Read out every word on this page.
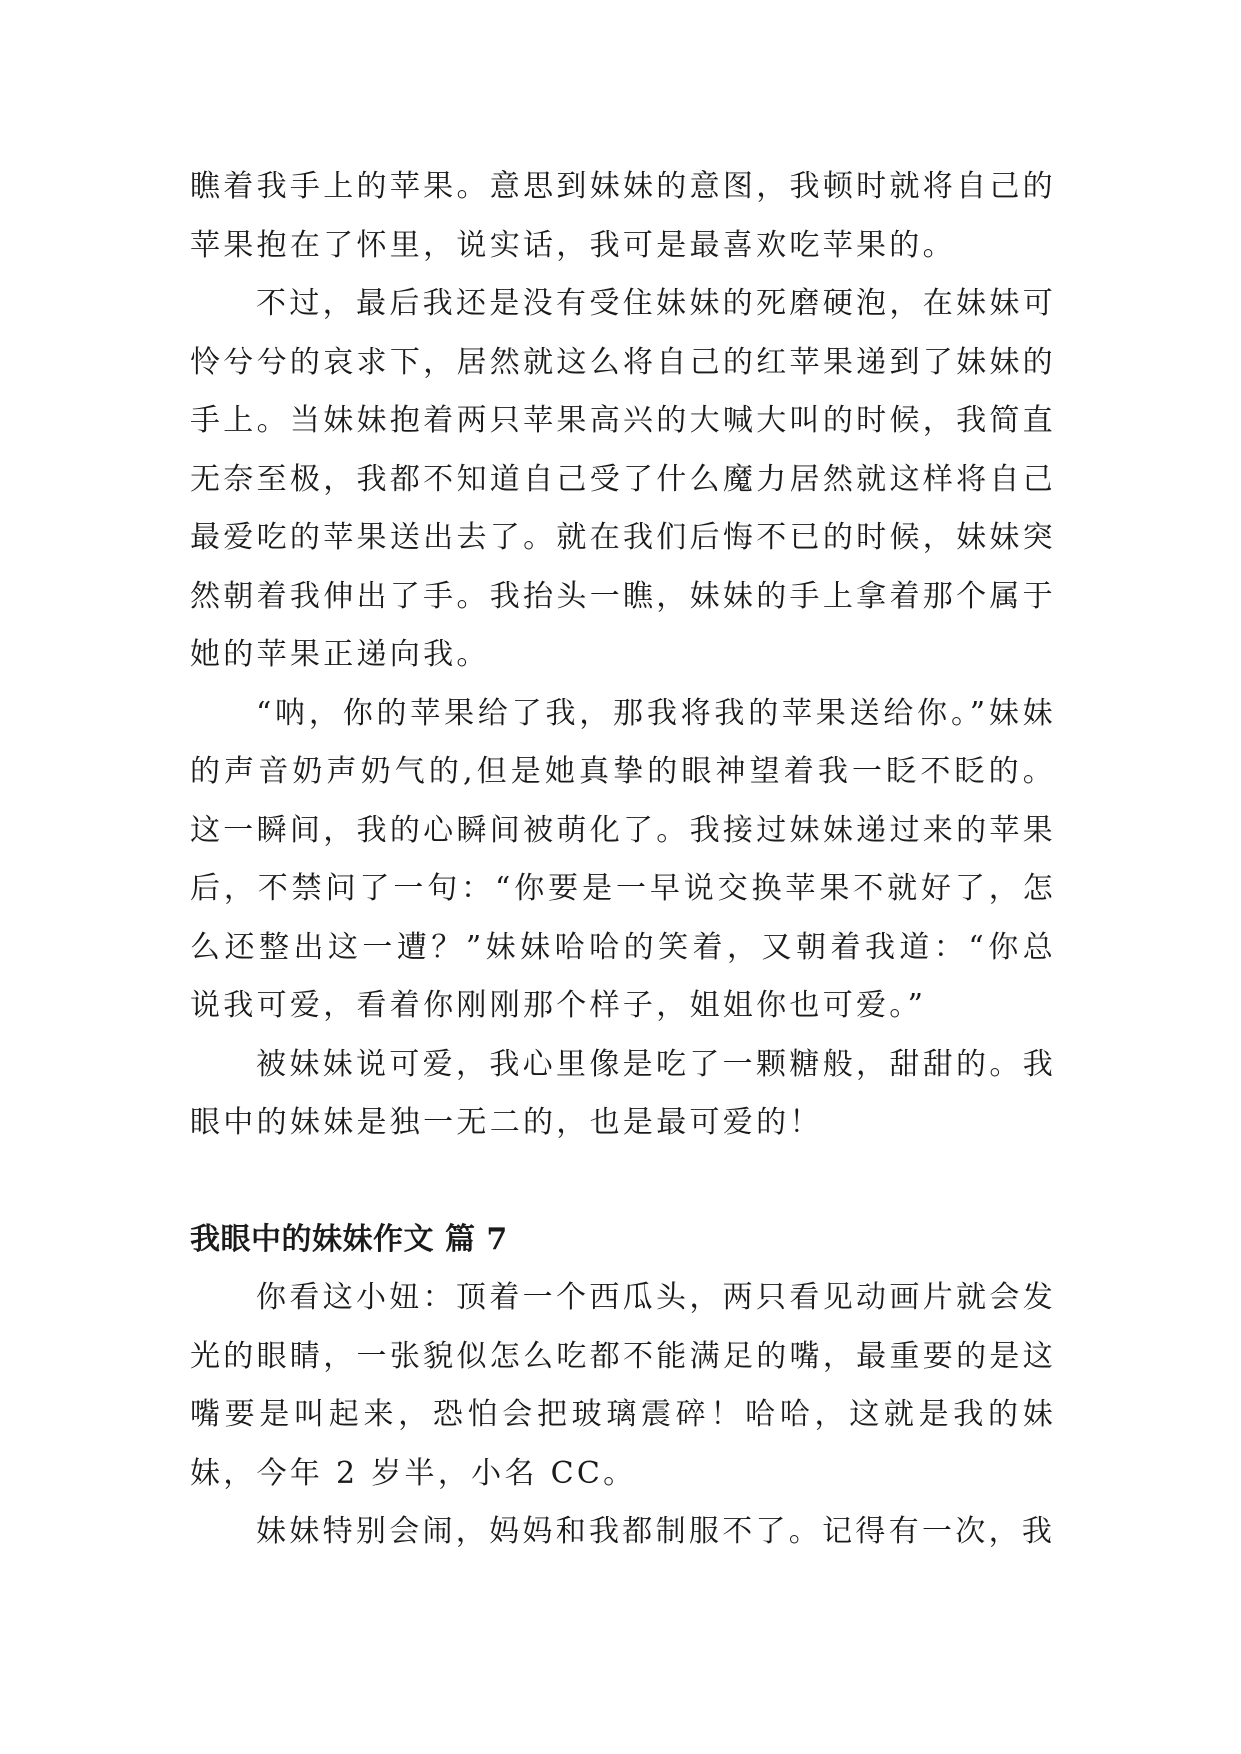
瞧着我手上的苹果。意思到妹妹的意图，我顿时就将自己的苹果抱在了怀里，说实话，我可是最喜欢吃苹果的。

不过，最后我还是没有受住妹妹的死磨硬泡，在妹妹可怜兮兮的哀求下，居然就这么将自己的红苹果递到了妹妹的手上。当妹妹抱着两只苹果高兴的大喊大叫的时候，我简直无奈至极，我都不知道自己受了什么魔力居然就这样将自己最爱吃的苹果送出去了。就在我们后悔不已的时候，妹妹突然朝着我伸出了手。我抬头一瞧，妹妹的手上拿着那个属于她的苹果正递向我。

“呐，你的苹果给了我，那我将我的苹果送给你。”妹妹的声音奶声奶气的,但是她真挚的眼神望着我一眨不眨的。这一瞬间，我的心瞬间被萌化了。我接过妹妹递过来的苹果后，不禁问了一句：“你要是一早说交换苹果不就好了，怎么还整出这一遭？”妹妹哈哈的笑着，又朝着我道：“你总说我可爱，看着你刚刚那个样子，姐姐你也可爱。”

被妹妹说可爱，我心里像是吃了一颗糖般，甜甜的。我眼中的妹妹是独一无二的，也是最可爱的！

我眼中的妹妹作文 篇 7

你看这小妞：顶着一个西瓜头，两只看见动画片就会发光的眼睛，一张貌似怎么吃都不能满足的嘴，最重要的是这嘴要是叫起来，恐怕会把玻璃震碎！哈哈，这就是我的妹妹，今年 2 岁半，小名 CC。

妹妹特别会闹，妈妈和我都制服不了。记得有一次，我
